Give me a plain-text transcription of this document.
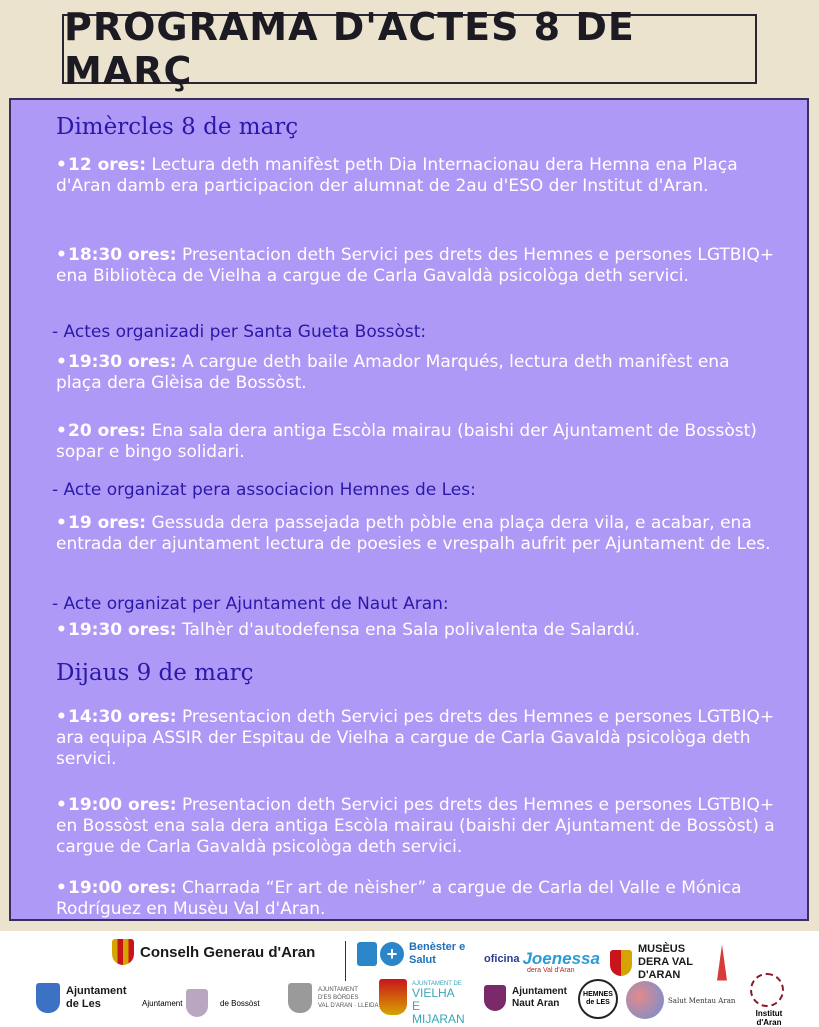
PROGRAMA D'ACTES 8 DE MARÇ
Dimèrcles 8 de març

•12 ores: Lectura deth manifèst peth Dia Internacionau dera Hemna ena Plaça d'Aran damb era participacion der alumnat de 2au d'ESO der Institut d'Aran.

•18:30 ores: Presentacion deth Servici pes drets des Hemnes e persones LGTBIQ+ ena Bibliotèca de Vielha a cargue de Carla Gavaldà psicològa deth servici.

- Actes organizadi per Santa Gueta Bossòst:

•19:30 ores: A cargue deth baile Amador Marqués, lectura deth manifèst ena plaça dera Glèisa de Bossòst.

•20 ores: Ena sala dera antiga Escòla mairau (baishi der Ajuntament de Bossòst) sopar e bingo solidari.

- Acte organizat pera associacion Hemnes de Les:

•19 ores: Gessuda dera passejada peth pòble ena plaça dera vila, e acabar, ena entrada der ajuntament lectura de poesies e vrespalh aufrit per Ajuntament de Les.

- Acte organizat per Ajuntament de Naut Aran:

•19:30 ores: Talhèr d'autodefensa ena Sala polivalenta de Salardú.

Dijaus 9 de març

•14:30 ores: Presentacion deth Servici pes drets des Hemnes e persones LGTBIQ+ ara equipa ASSIR der Espitau de Vielha a cargue de Carla Gavaldà psicològa deth servici.

•19:00 ores: Presentacion deth Servici pes drets des Hemnes e persones LGTBIQ+ en Bossòst ena sala dera antiga Escòla mairau (baishi der Ajuntament de Bossòst) a cargue de Carla Gavaldà psicològa deth servici.

•19:00 ores: Charrada “Er art de nèisher” a cargue de Carla del Valle e Mónica Rodríguez en Musèu Val d'Aran.

Conselh Generau d'Aran	+	Benèster e Salut	oficina Joenessa
dera Val d'Aran
MUSÈUS DERA VAL D'ARAN
Ajuntament de Les	Ajuntament	de Bossòst
AJUNTAMENT
D'ES BÒRDES
VAL D'ARAN · LLEIDA
AJUNTAMENT DE
VIELHA E MIJARAN
Ajuntament Naut Aran
HEMNES de LES	Salut Mentau Aran
Institut d'Aran
